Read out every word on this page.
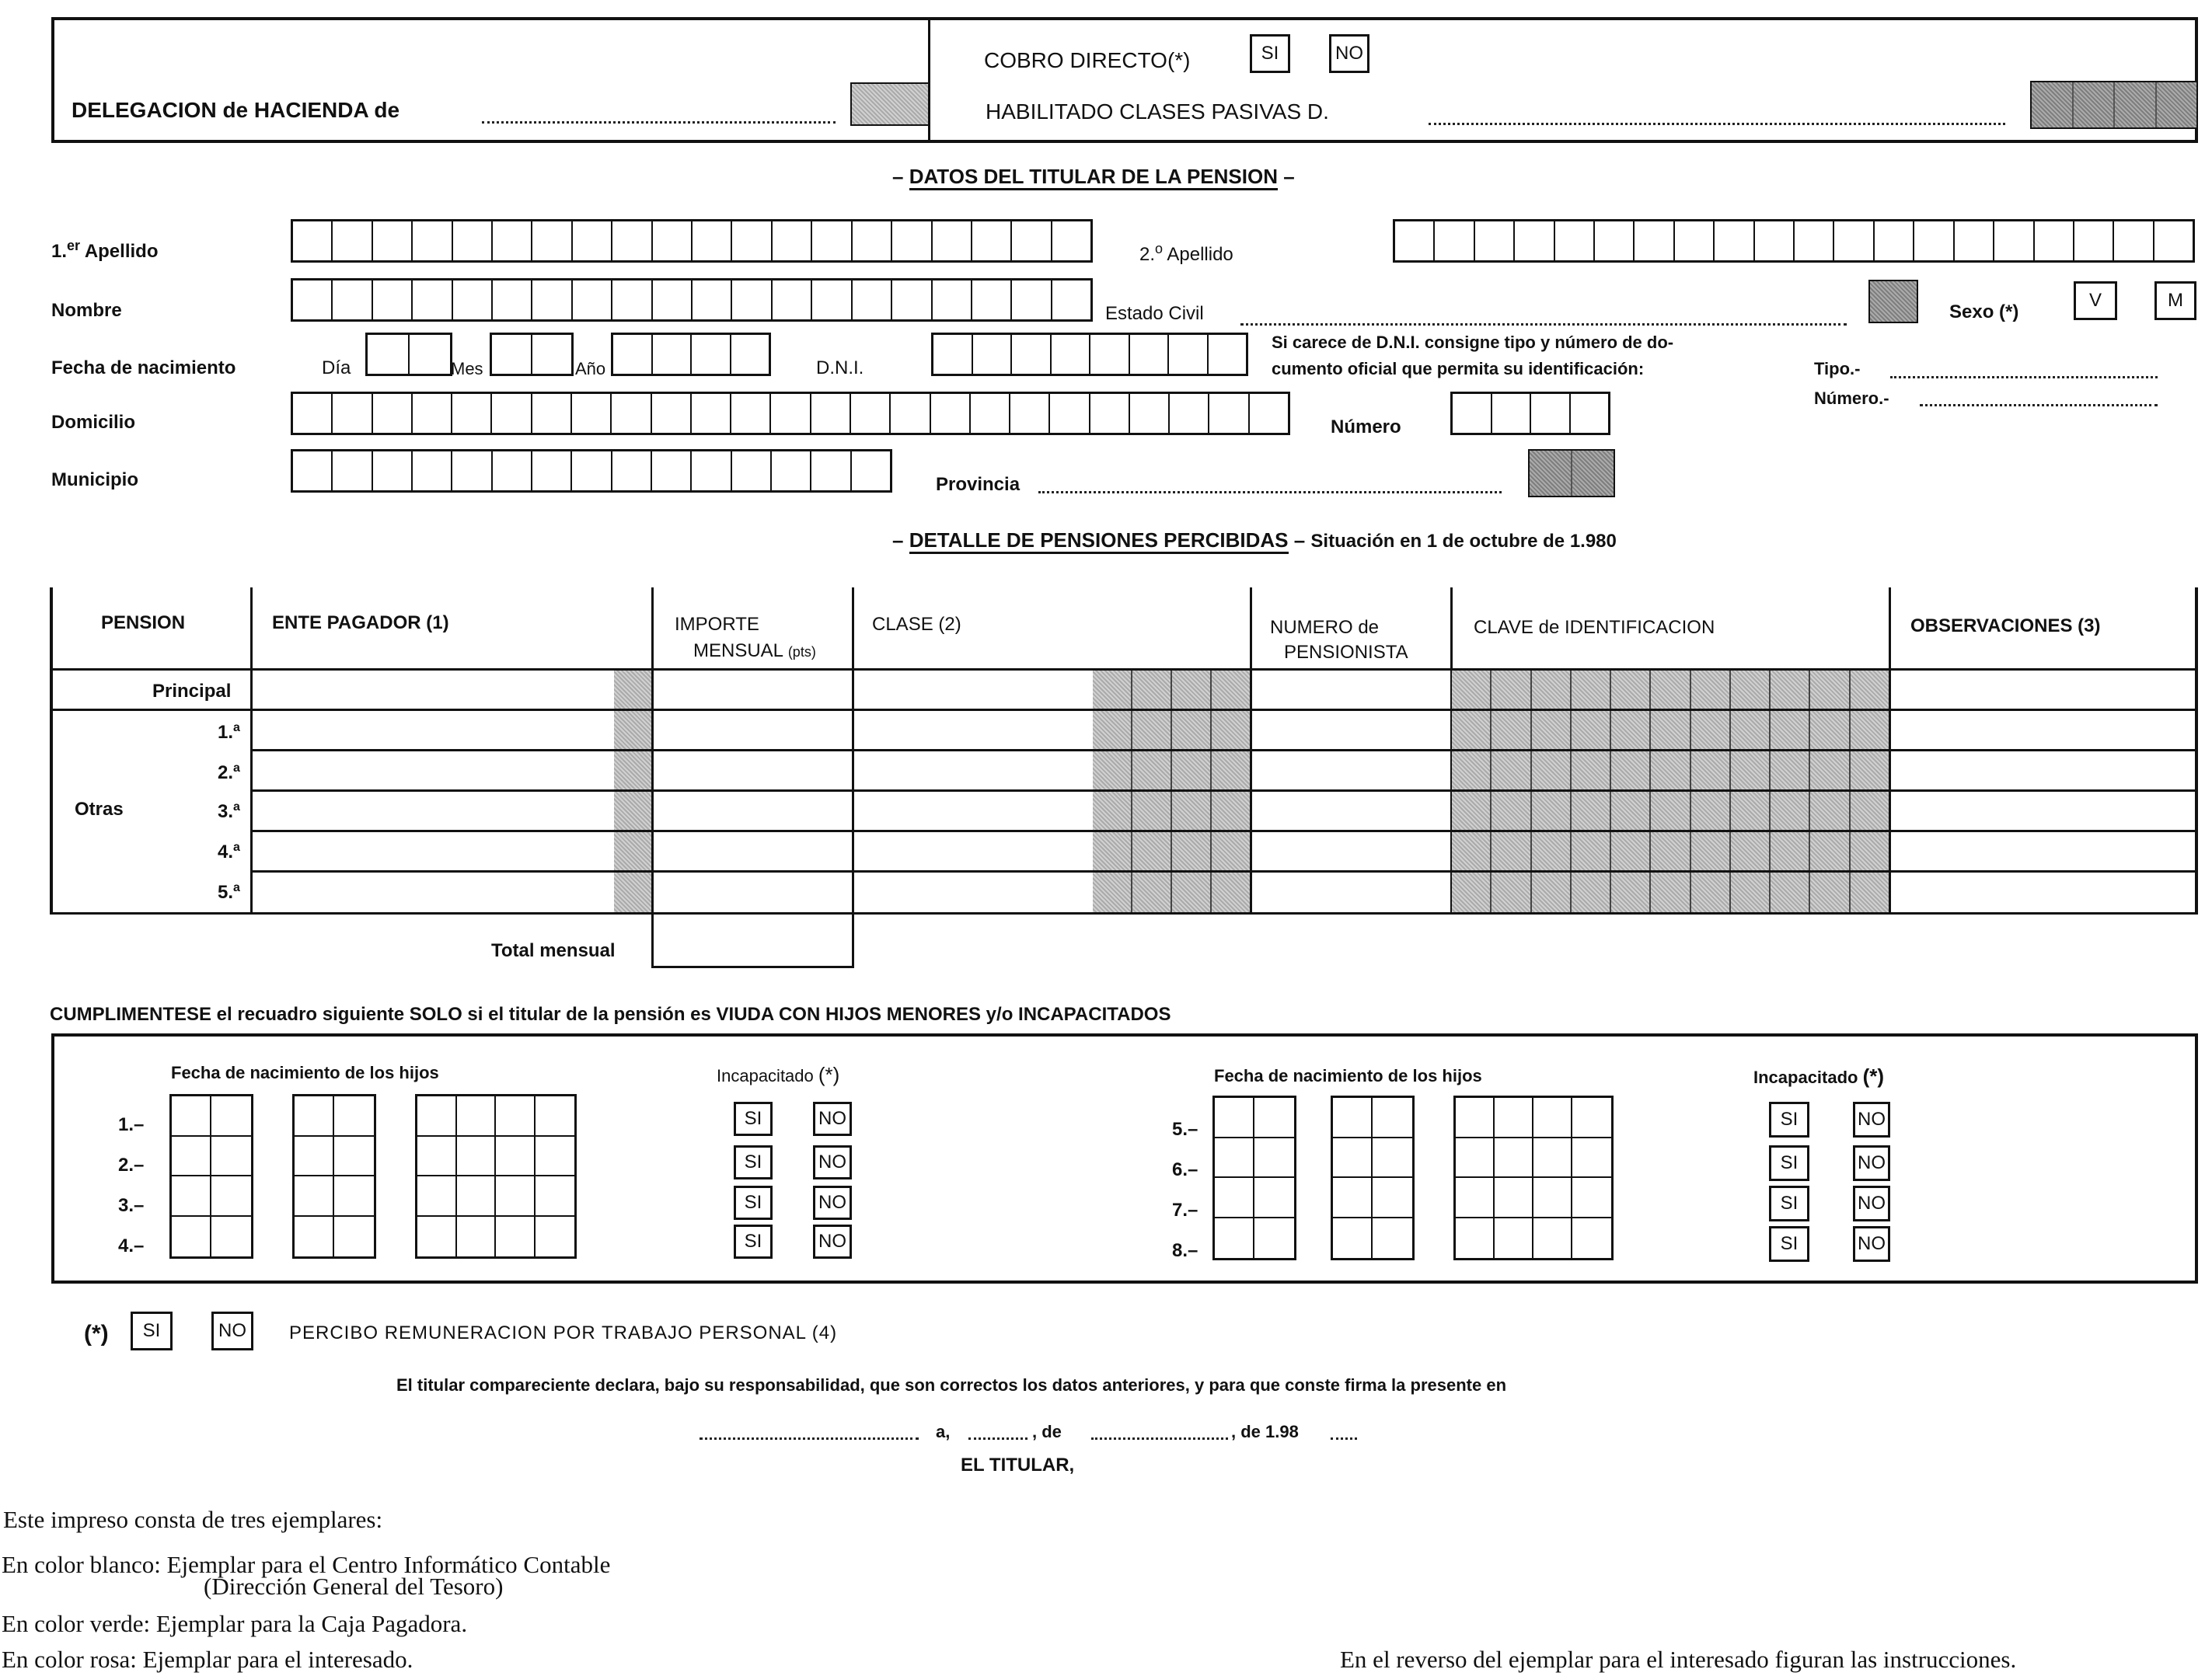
DELEGACION de HACIENDA de
COBRO DIRECTO(*)	SI	NO
HABILITADO CLASES PASIVAS D.
– DATOS DEL TITULAR DE LA PENSION –
1.$^{er}$ Apellido	2.$^o$ Apellido
Nombre	Estado Civil	Sexo (*)
V	M
Fecha de nacimiento	Día	Mes	Año	D.N.I.
Si carece de D.N.I. consigne tipo y número de do-
cumento oficial que permita su identificación:	Tipo.-
Número.-
Domicilio	Número
Municipio	Provincia
– DETALLE DE PENSIONES PERCIBIDAS – Situación en 1 de octubre de 1.980
PENSION	ENTE PAGADOR (1)	IMPORTE
MENSUAL (pts)
CLASE (2)	NUMERO de
PENSIONISTA
CLAVE de IDENTIFICACION	OBSERVACIONES (3)
Principal
Otras
1.$^a$
2.$^a$
3.$^a$
4.$^a$
5.$^a$
Total mensual
CUMPLIMENTESE el recuadro siguiente SOLO si el titular de la pensión es VIUDA CON HIJOS MENORES y/o INCAPACITADOS
Fecha de nacimiento de los hijos	Incapacitado (*)	Fecha de nacimiento de los hijos	Incapacitado (*)
1.–
2.–
3.–
4.–
SI	NO
SI	NO
SI	NO
SI	NO
5.–
6.–
7.–
8.–
SI	NO
SI	NO
SI	NO
SI	NO
(*)	SI	NO	PERCIBO REMUNERACION POR TRABAJO PERSONAL (4)
El titular compareciente declara, bajo su responsabilidad, que son correctos los datos anteriores, y para que conste firma la presente en
a,	, de	, de 1.98
EL TITULAR,
Este impreso consta de tres ejemplares:
En color blanco: Ejemplar para el Centro Informático Contable
(Dirección General del Tesoro)
En color verde: Ejemplar para la Caja Pagadora.
En color rosa: Ejemplar para el interesado.	En el reverso del ejemplar para el interesado figuran las instrucciones.
